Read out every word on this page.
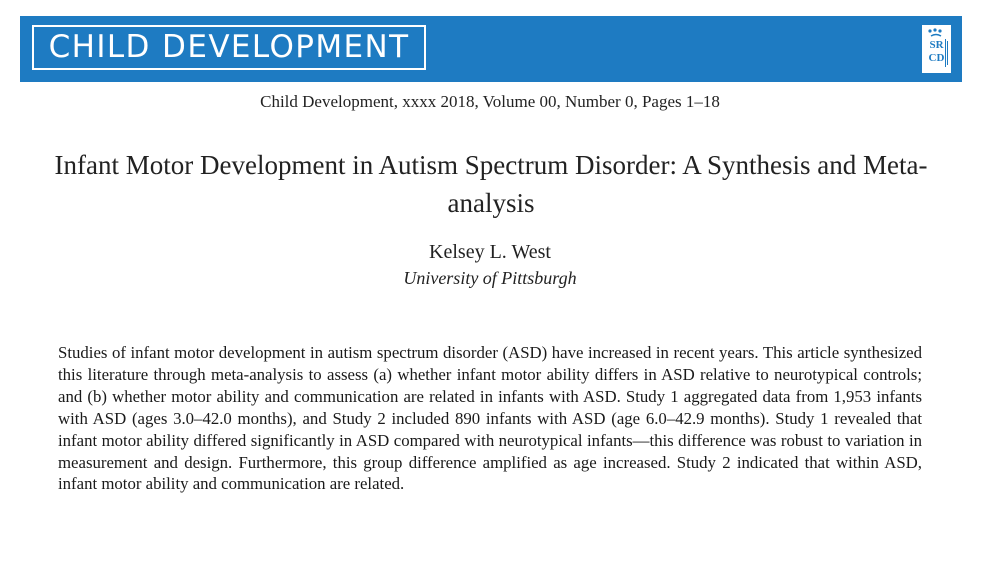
CHILD DEVELOPMENT	SR
CD
Child Development, xxxx 2018, Volume 00, Number 0, Pages 1–18
Infant Motor Development in Autism Spectrum Disorder: A Synthesis and Meta-analysis
Kelsey L. West
University of Pittsburgh

Studies of infant motor development in autism spectrum disorder (ASD) have increased in recent years. This article synthesized this literature through meta-analysis to assess (a) whether infant motor ability differs in ASD relative to neurotypical controls; and (b) whether motor ability and communication are related in infants with ASD. Study 1 aggregated data from 1,953 infants with ASD (ages 3.0–42.0 months), and Study 2 included 890 infants with ASD (age 6.0–42.9 months). Study 1 revealed that infant motor ability differed significantly in ASD compared with neurotypical infants—this difference was robust to variation in measurement and design. Furthermore, this group difference amplified as age increased. Study 2 indicated that within ASD, infant motor ability and communication are related.
